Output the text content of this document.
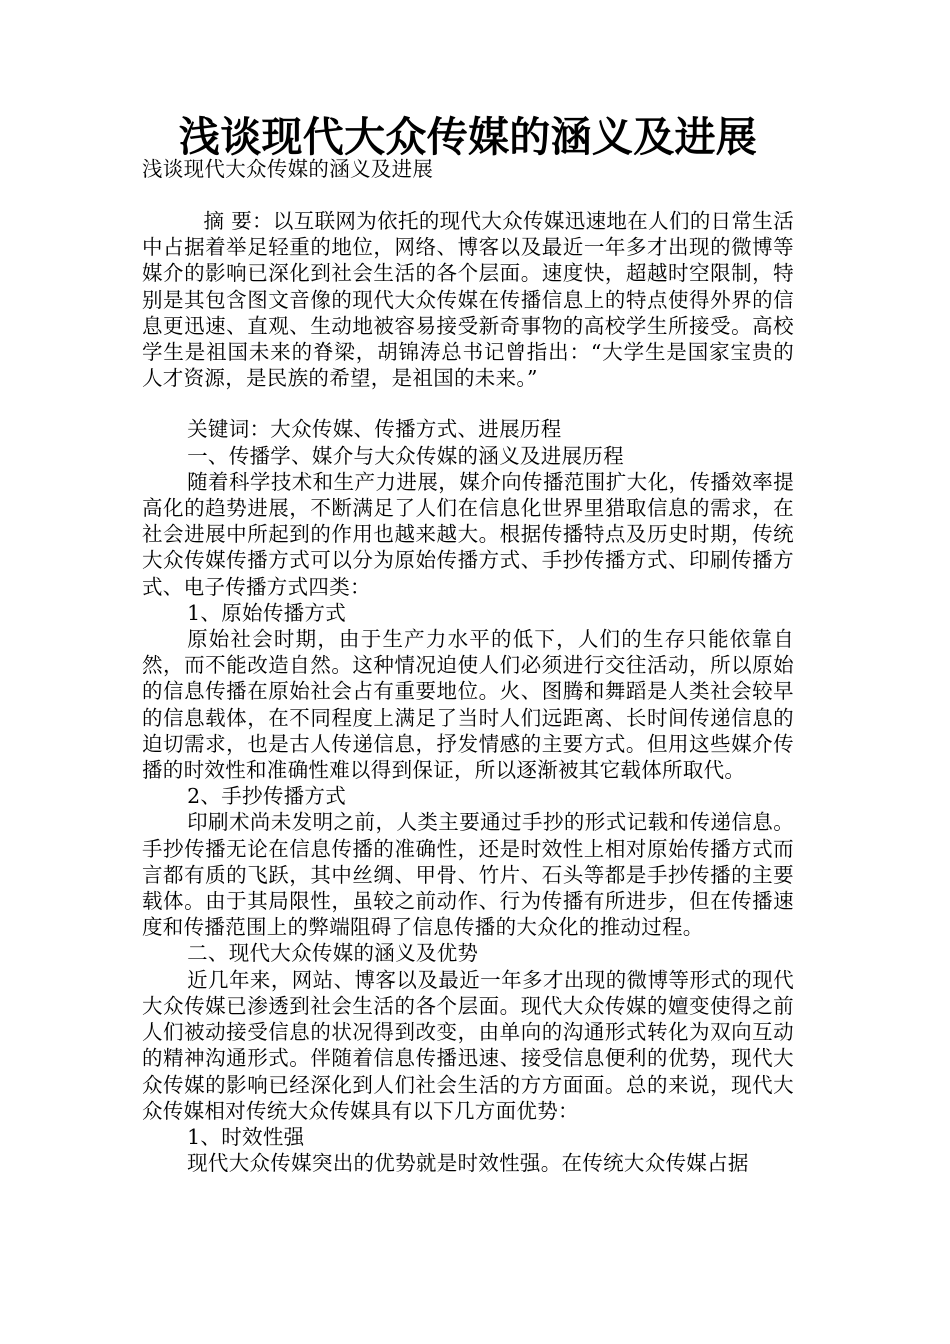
浅谈现代大众传媒的涵义及进展

浅谈现代大众传媒的涵义及进展

摘 要：以互联网为依托的现代大众传媒迅速地在人们的日常生活中占据着举足轻重的地位，网络、博客以及最近一年多才出现的微博等媒介的影响已深化到社会生活的各个层面。速度快，超越时空限制，特别是其包含图文音像的现代大众传媒在传播信息上的特点使得外界的信息更迅速、直观、生动地被容易接受新奇事物的高校学生所接受。高校学生是祖国未来的脊梁，胡锦涛总书记曾指出：“大学生是国家宝贵的人才资源，是民族的希望，是祖国的未来。”

关键词：大众传媒、传播方式、进展历程

一、传播学、媒介与大众传媒的涵义及进展历程

随着科学技术和生产力进展，媒介向传播范围扩大化，传播效率提高化的趋势进展，不断满足了人们在信息化世界里猎取信息的需求，在社会进展中所起到的作用也越来越大。根据传播特点及历史时期，传统大众传媒传播方式可以分为原始传播方式、手抄传播方式、印刷传播方式、电子传播方式四类：

1、原始传播方式

原始社会时期，由于生产力水平的低下，人们的生存只能依靠自然，而不能改造自然。这种情况迫使人们必须进行交往活动，所以原始的信息传播在原始社会占有重要地位。火、图腾和舞蹈是人类社会较早的信息载体，在不同程度上满足了当时人们远距离、长时间传递信息的迫切需求，也是古人传递信息，抒发情感的主要方式。但用这些媒介传播的时效性和准确性难以得到保证，所以逐渐被其它载体所取代。

2、手抄传播方式

印刷术尚未发明之前，人类主要通过手抄的形式记载和传递信息。手抄传播无论在信息传播的准确性，还是时效性上相对原始传播方式而言都有质的飞跃，其中丝绸、甲骨、竹片、石头等都是手抄传播的主要载体。由于其局限性，虽较之前动作、行为传播有所进步，但在传播速度和传播范围上的弊端阻碍了信息传播的大众化的推动过程。

二、现代大众传媒的涵义及优势

近几年来，网站、博客以及最近一年多才出现的微博等形式的现代大众传媒已渗透到社会生活的各个层面。现代大众传媒的嬗变使得之前人们被动接受信息的状况得到改变，由单向的沟通形式转化为双向互动的精神沟通形式。伴随着信息传播迅速、接受信息便利的优势，现代大众传媒的影响已经深化到人们社会生活的方方面面。总的来说，现代大众传媒相对传统大众传媒具有以下几方面优势：

1、时效性强

现代大众传媒突出的优势就是时效性强。在传统大众传媒占据
